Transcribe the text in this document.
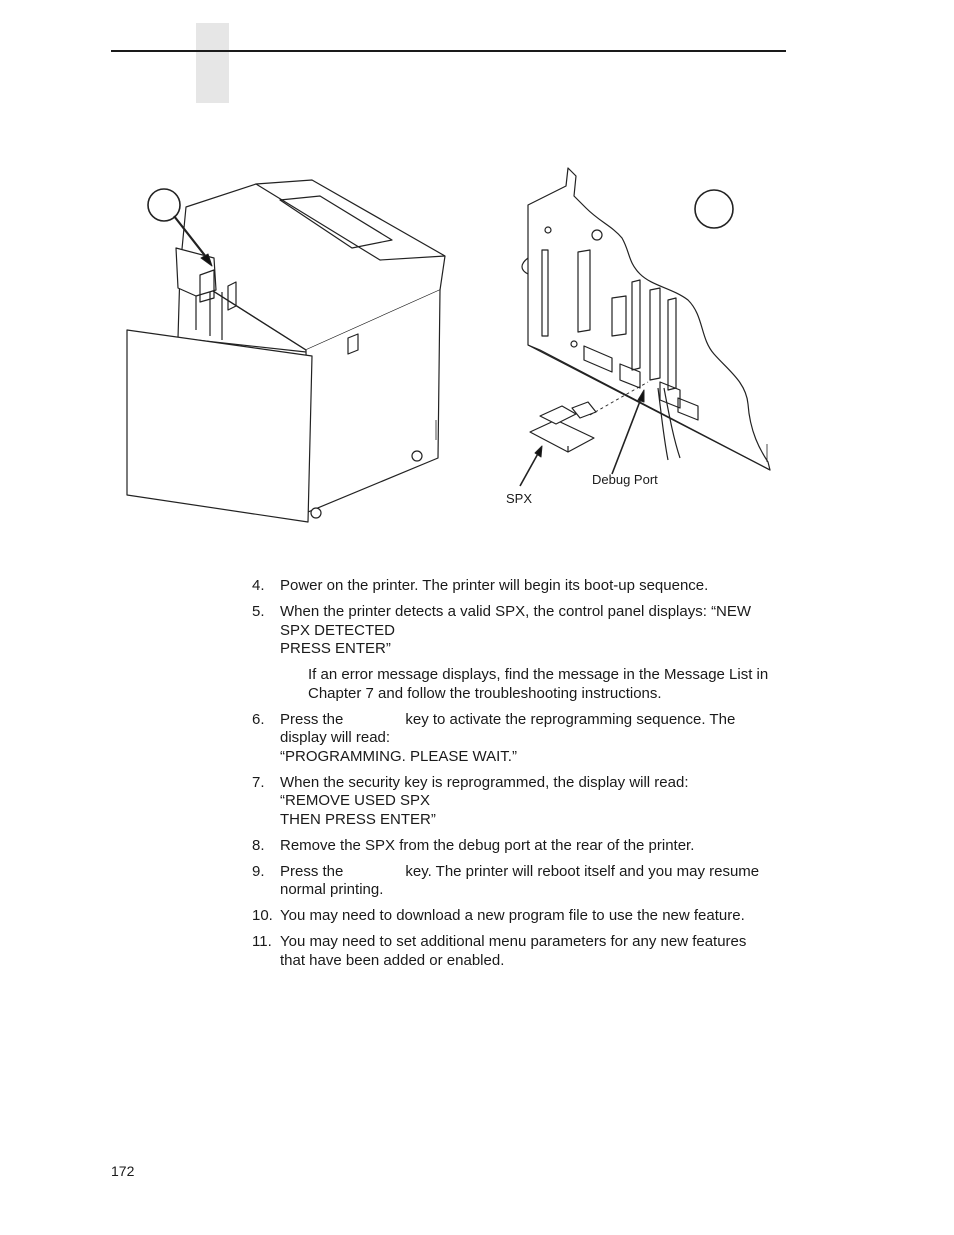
Debug Port
SPX
4. Power on the printer. The printer will begin its boot-up sequence.
5. When the printer detects a valid SPX, the control panel displays: “NEW
SPX DETECTED
PRESS ENTER”
If an error message displays, find the message in the Message List in
Chapter 7 and follow the troubleshooting instructions.
6. Press the	key to activate the reprogramming sequence. The
display will read:
“PROGRAMMING. PLEASE WAIT.”
7. When the security key is reprogrammed, the display will read:
“REMOVE USED SPX
THEN PRESS ENTER”
8. Remove the SPX from the debug port at the rear of the printer.
9. Press the	key. The printer will reboot itself and you may resume
normal printing.
10. You may need to download a new program file to use the new feature.
11. You may need to set additional menu parameters for any new features
that have been added or enabled.
172
